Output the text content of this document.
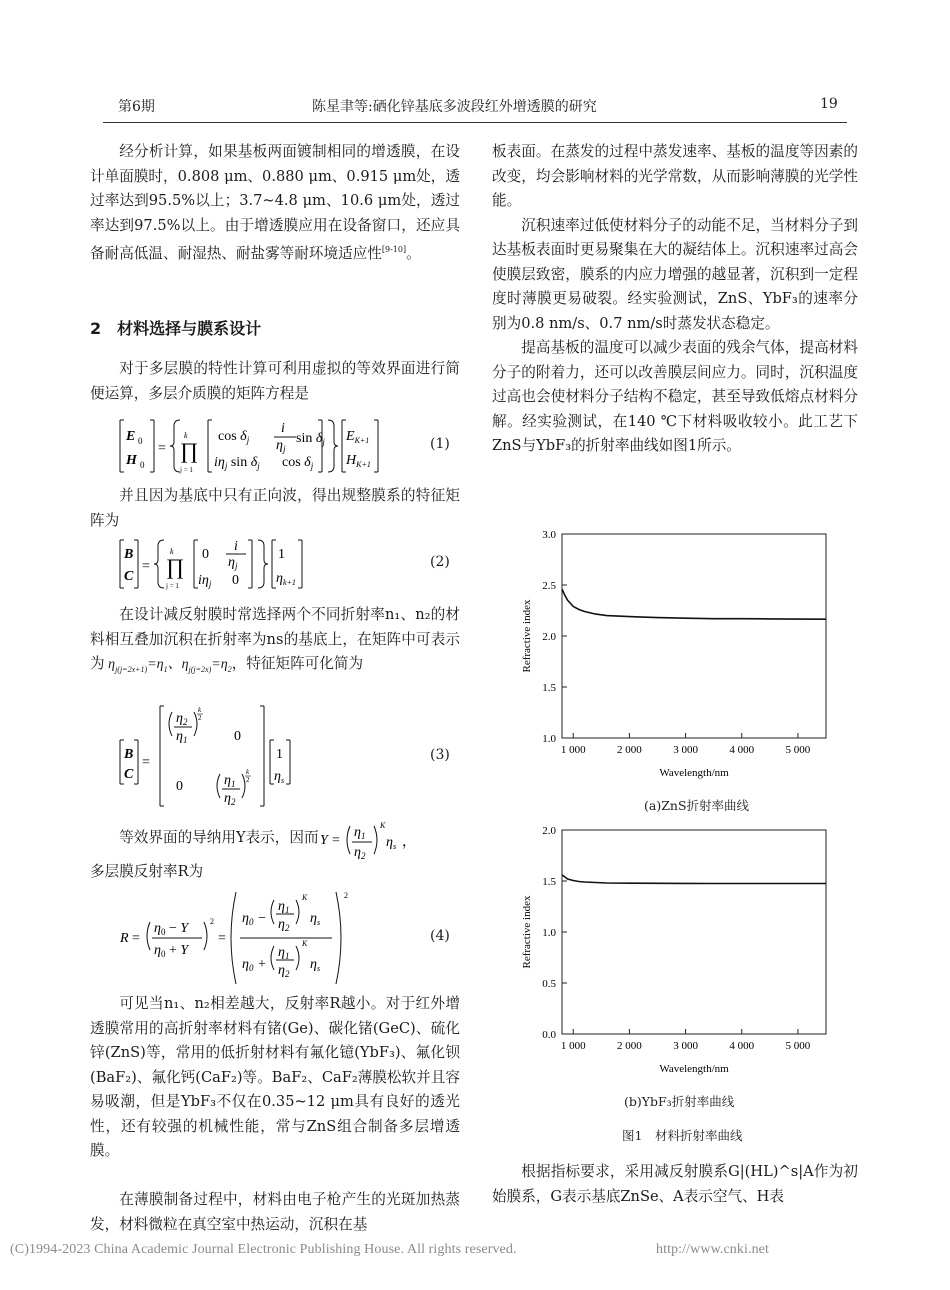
第6期	陈星聿等:硒化锌基底多波段红外增透膜的研究	19

经分析计算，如果基板两面镀制相同的增透膜，在设计单面膜时，0.808 μm、0.880 μm、0.915 μm处，透过率达到95.5%以上；3.7~4.8 μm、10.6 μm处，透过率达到97.5%以上。由于增透膜应用在设备窗口，还应具备耐高低温、耐湿热、耐盐雾等耐环境适应性[9-10]。

2　材料选择与膜系设计

对于多层膜的特性计算可利用虚拟的等效界面进行简便运算，多层介质膜的矩阵方程是

E 0
H 0
=
k
∏
j = 1
$\cos \delta_j$
i
$\eta_j$
$\sin \delta_j$
$i\eta_j$ $\sin \delta_j$ $\cos \delta_j$
$E_{K+1}$
$H_{K+1}$
(1)

并且因为基底中只有正向波，得出规整膜系的特征矩阵为

B
C
=
k
∏
j = 1
0
i
$\eta_j$
$i\eta_j$ 0
1
$\eta_{k+1}$
(2)

在设计减反射膜时常选择两个不同折射率n₁、n₂的材料相互叠加沉积在折射率为ns的基底上，在矩阵中可表示为 $\eta_{j(j=2x+1)}=\eta_1$、$\eta_{j(j=2x)}=\eta_2$，特征矩阵可化简为

B
C
=
$\eta_2$
$\eta_1$
k
2
0
0	$\eta_1$
$\eta_2$
k
2
1
$\eta_s$
(3)

等效界面的导纳用Y表示，因而 Y =
$\eta_1$
$\eta_2$
K
$\eta_s$ ，

多层膜反射率R为

R =
$\eta_0 - Y$
$\eta_0 + Y$
2
=
$\eta_0$ −
$\eta_1$
$\eta_2$
K
$\eta_s$
$\eta_0$ +
$\eta_1$
$\eta_2$
K
$\eta_s$
2
(4)

可见当n₁、n₂相差越大，反射率R越小。对于红外增透膜常用的高折射率材料有锗(Ge)、碳化锗(GeC)、硫化锌(ZnS)等，常用的低折射材料有氟化镱(YbF₃)、氟化钡(BaF₂)、氟化钙(CaF₂)等。BaF₂、CaF₂薄膜松软并且容易吸潮，但是YbF₃不仅在0.35~12 μm具有良好的透光性，还有较强的机械性能，常与ZnS组合制备多层增透膜。

在薄膜制备过程中，材料由电子枪产生的光斑加热蒸发，材料微粒在真空室中热运动，沉积在基

板表面。在蒸发的过程中蒸发速率、基板的温度等因素的改变，均会影响材料的光学常数，从而影响薄膜的光学性能。

沉积速率过低使材料分子的动能不足，当材料分子到达基板表面时更易聚集在大的凝结体上。沉积速率过高会使膜层致密，膜系的内应力增强的越显著，沉积到一定程度时薄膜更易破裂。经实验测试，ZnS、YbF₃的速率分别为0.8 nm/s、0.7 nm/s时蒸发状态稳定。

提高基板的温度可以减少表面的残余气体，提高材料分子的附着力，还可以改善膜层间应力。同时，沉积温度过高也会使材料分子结构不稳定，甚至导致低熔点材料分解。经实验测试，在140 ℃下材料吸收较小。此工艺下ZnS与YbF₃的折射率曲线如图1所示。

1.0
1.5
2.0
2.5
3.0
1 000	2 000	3 000	4 000	5 000
Wavelength/nm
Refractive index
(a)ZnS折射率曲线
0.0
0.5
1.0
1.5
2.0
1 000	2 000	3 000	4 000	5 000
Wavelength/nm
Refractive index
(b)YbF₃折射率曲线
图1　材料折射率曲线

根据指标要求，采用减反射膜系G|(HL)^s|A作为初始膜系，G表示基底ZnSe、A表示空气、H表

(C)1994-2023 China Academic Journal Electronic Publishing House. All rights reserved.	http://www.cnki.net
